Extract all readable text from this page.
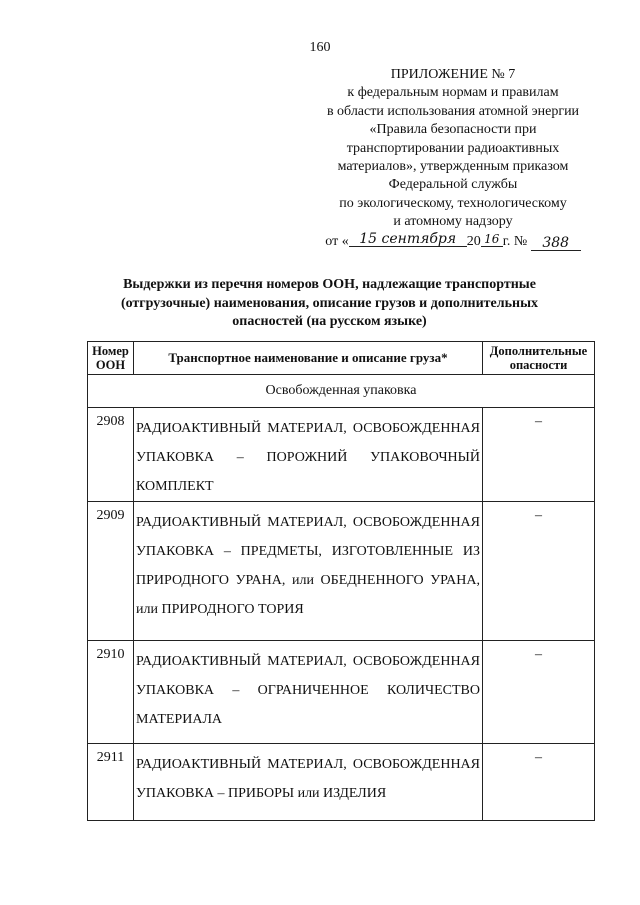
160
ПРИЛОЖЕНИЕ № 7
к федеральным нормам и правилам
в области использования атомной энергии
«Правила безопасности при
транспортировании радиоактивных
материалов», утвержденным приказом
Федеральной службы
по экологическому, технологическому
и атомному надзору
от « 15 сентября 20 16 г. № 388
Выдержки из перечня номеров ООН, надлежащие транспортные (отгрузочные) наименования, описание грузов и дополнительных опасностей (на русском языке)
Номер ООН	Транспортное наименование и описание груза*	Дополнительные опасности
Освобожденная упаковка		
2908	РАДИОАКТИВНЫЙ МАТЕРИАЛ, ОСВОБОЖДЕННАЯ УПАКОВКА – ПОРОЖНИЙ УПАКОВОЧНЫЙ КОМПЛЕКТ	–
2909	РАДИОАКТИВНЫЙ МАТЕРИАЛ, ОСВОБОЖДЕННАЯ УПАКОВКА – ПРЕДМЕТЫ, ИЗГОТОВЛЕННЫЕ ИЗ ПРИРОДНОГО УРАНА, или ОБЕДНЕННОГО УРАНА, или ПРИРОДНОГО ТОРИЯ	–
2910	РАДИОАКТИВНЫЙ МАТЕРИАЛ, ОСВОБОЖДЕННАЯ УПАКОВКА – ОГРАНИЧЕННОЕ КОЛИЧЕСТВО МАТЕРИАЛА	–
2911	РАДИОАКТИВНЫЙ МАТЕРИАЛ, ОСВОБОЖДЕННАЯ УПАКОВКА – ПРИБОРЫ или ИЗДЕЛИЯ	–
